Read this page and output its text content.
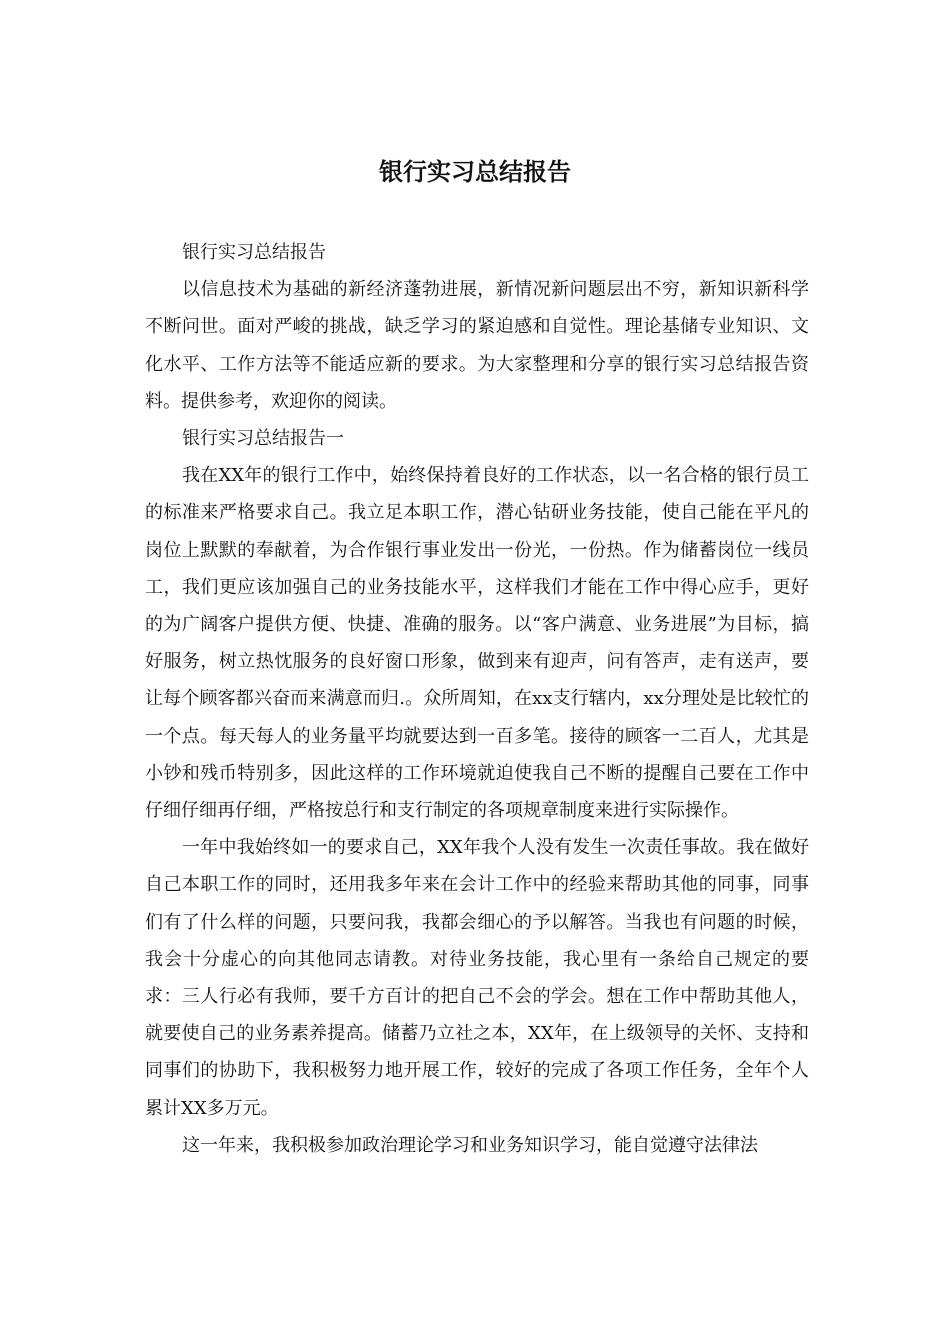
银行实习总结报告

银行实习总结报告

以信息技术为基础的新经济蓬勃进展，新情况新问题层出不穷，新知识新科学不断问世。面对严峻的挑战，缺乏学习的紧迫感和自觉性。理论基储专业知识、文化水平、工作方法等不能适应新的要求。为大家整理和分享的银行实习总结报告资料。提供参考，欢迎你的阅读。

银行实习总结报告一

我在XX年的银行工作中，始终保持着良好的工作状态，以一名合格的银行员工的标准来严格要求自己。我立足本职工作，潜心钻研业务技能，使自己能在平凡的岗位上默默的奉献着，为合作银行事业发出一份光，一份热。作为储蓄岗位一线员工，我们更应该加强自己的业务技能水平，这样我们才能在工作中得心应手，更好的为广阔客户提供方便、快捷、准确的服务。以“客户满意、业务进展”为目标，搞好服务，树立热忱服务的良好窗口形象，做到来有迎声，问有答声，走有送声，要让每个顾客都兴奋而来满意而归.。众所周知，在xx支行辖内，xx分理处是比较忙的一个点。每天每人的业务量平均就要达到一百多笔。接待的顾客一二百人，尤其是小钞和残币特别多，因此这样的工作环境就迫使我自己不断的提醒自己要在工作中仔细仔细再仔细，严格按总行和支行制定的各项规章制度来进行实际操作。

一年中我始终如一的要求自己，XX年我个人没有发生一次责任事故。我在做好自己本职工作的同时，还用我多年来在会计工作中的经验来帮助其他的同事，同事们有了什么样的问题，只要问我，我都会细心的予以解答。当我也有问题的时候，我会十分虚心的向其他同志请教。对待业务技能，我心里有一条给自己规定的要求：三人行必有我师，要千方百计的把自己不会的学会。想在工作中帮助其他人，就要使自己的业务素养提高。储蓄乃立社之本，XX年，在上级领导的关怀、支持和同事们的协助下，我积极努力地开展工作，较好的完成了各项工作任务，全年个人累计XX多万元。

这一年来，我积极参加政治理论学习和业务知识学习，能自觉遵守法律法
